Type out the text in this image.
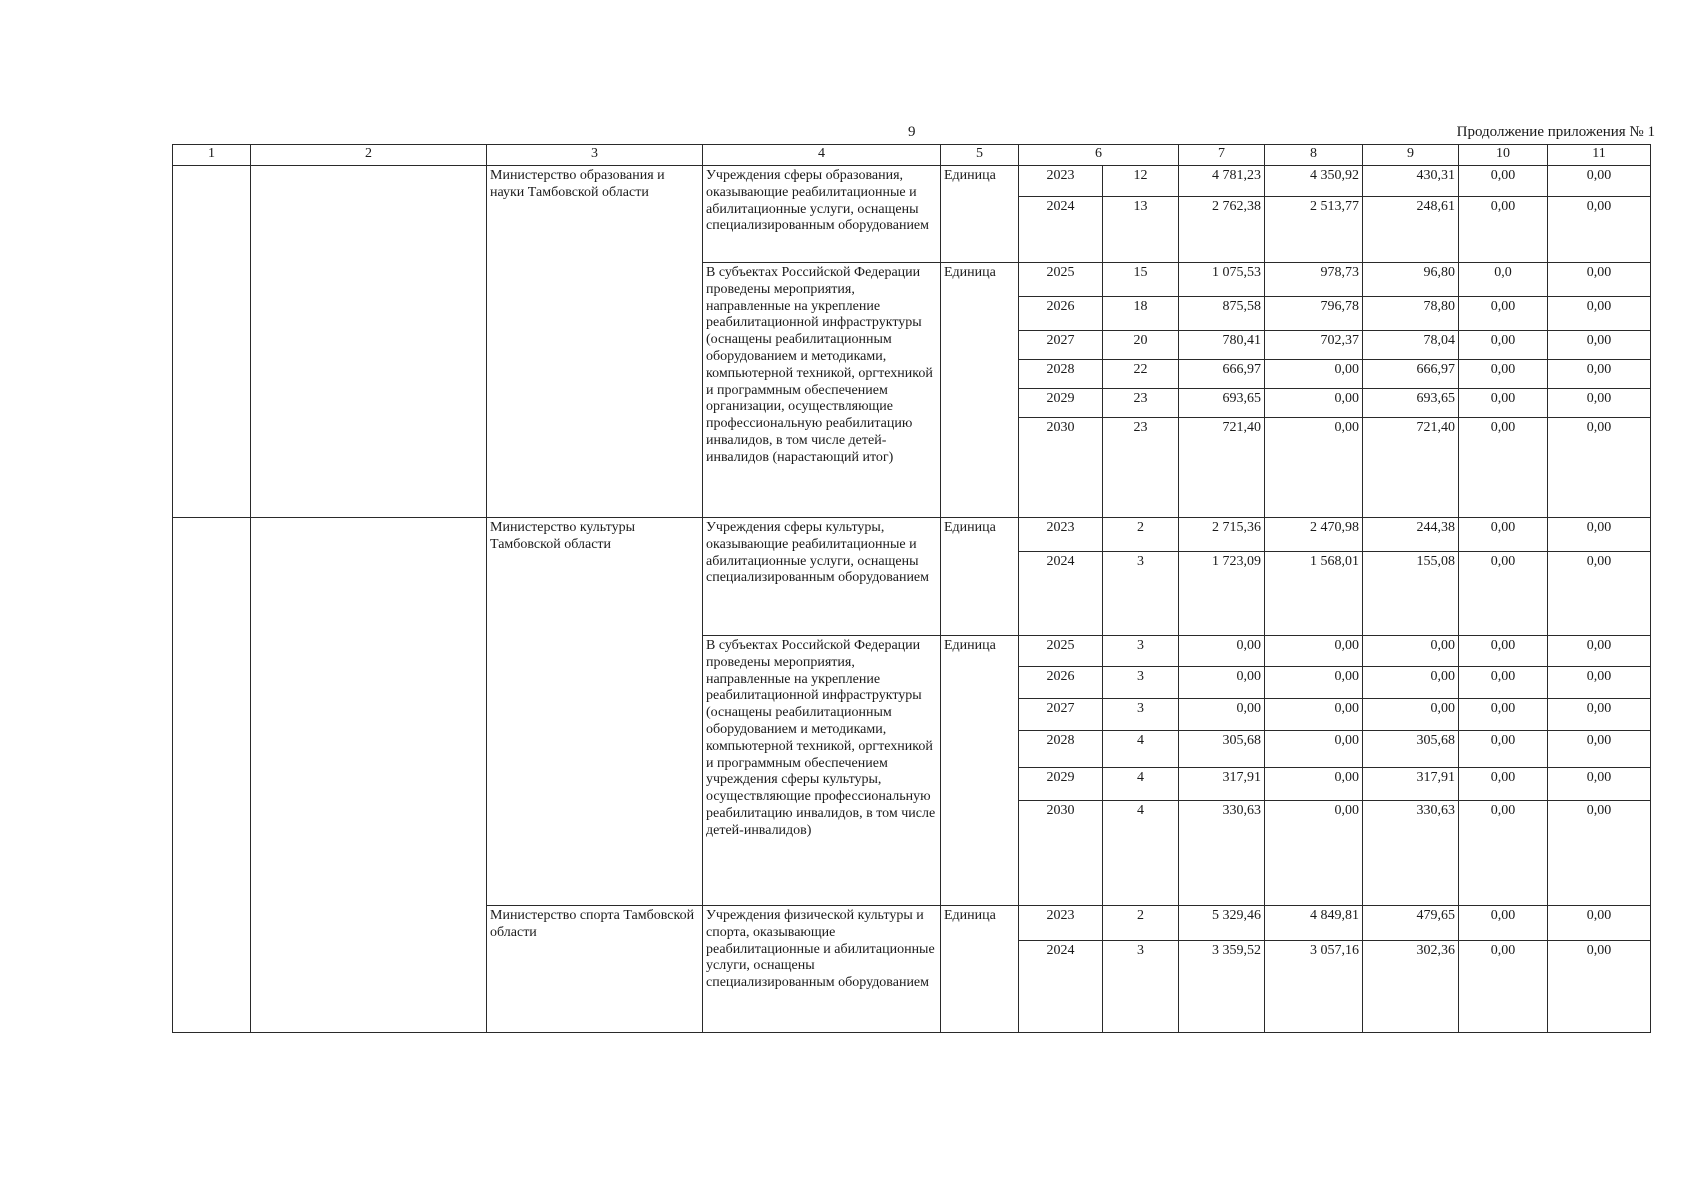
9	Продолжение приложения № 1
1	2	3	4	5	6		7	8	9	10	11
		Министерство образования и науки Тамбовской области	Учреждения сферы образования, оказывающие реабилитационные и абилитационные услуги, оснащены специализированным оборудованием	Единица	2023	12	4 781,23	4 350,92	430,31	0,00	0,00
					2024	13	2 762,38	2 513,77	248,61	0,00	0,00
			В субъектах Российской Федерации проведены мероприятия, направленные на укрепление реабилитационной инфраструктуры (оснащены реабилитационным оборудованием и методиками, компьютерной техникой, оргтехникой и программным обеспечением организации, осуществляющие профессиональную реабилитацию инвалидов, в том числе детей-инвалидов (нарастающий итог)	Единица	2025	15	1 075,53	978,73	96,80	0,0	0,00
					2026	18	875,58	796,78	78,80	0,00	0,00
					2027	20	780,41	702,37	78,04	0,00	0,00
					2028	22	666,97	0,00	666,97	0,00	0,00
					2029	23	693,65	0,00	693,65	0,00	0,00
					2030	23	721,40	0,00	721,40	0,00	0,00
		Министерство культуры Тамбовской области	Учреждения сферы культуры, оказывающие реабилитационные и абилитационные услуги, оснащены специализированным оборудованием	Единица	2023	2	2 715,36	2 470,98	244,38	0,00	0,00
					2024	3	1 723,09	1 568,01	155,08	0,00	0,00
			В субъектах Российской Федерации проведены мероприятия, направленные на укрепление реабилитационной инфраструктуры (оснащены реабилитационным оборудованием и методиками, компьютерной техникой, оргтехникой и программным обеспечением учреждения сферы культуры, осуществляющие профессиональную реабилитацию инвалидов, в том числе детей-инвалидов)	Единица	2025	3	0,00	0,00	0,00	0,00	0,00
					2026	3	0,00	0,00	0,00	0,00	0,00
					2027	3	0,00	0,00	0,00	0,00	0,00
					2028	4	305,68	0,00	305,68	0,00	0,00
					2029	4	317,91	0,00	317,91	0,00	0,00
					2030	4	330,63	0,00	330,63	0,00	0,00
		Министерство спорта Тамбовской области	Учреждения физической культуры и спорта, оказывающие реабилитационные и абилитационные услуги, оснащены специализированным оборудованием	Единица	2023	2	5 329,46	4 849,81	479,65	0,00	0,00
					2024	3	3 359,52	3 057,16	302,36	0,00	0,00
